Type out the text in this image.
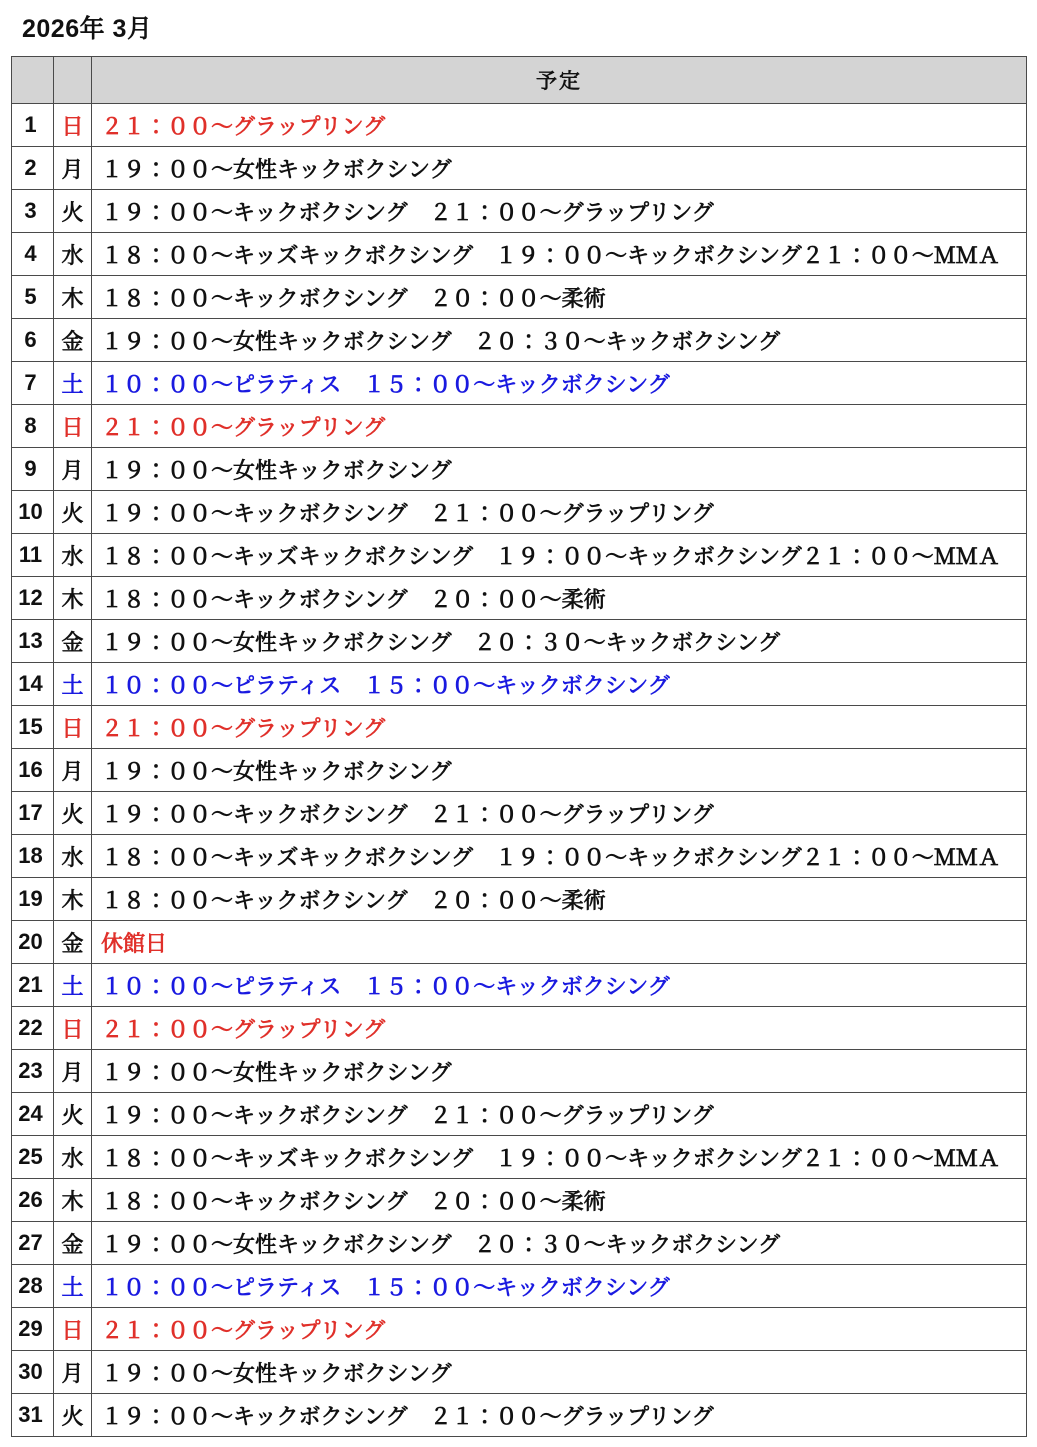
2026年 3月
		予定
1	日	２１：００〜グラップリング
2	月	１９：００〜女性キックボクシング
3	火	１９：００〜キックボクシング　２１：００〜グラップリング
4	水	１８：００〜キッズキックボクシング　１９：００〜キックボクシング２１：００〜ＭＭＡ
5	木	１８：００〜キックボクシング　２０：００〜柔術
6	金	１９：００〜女性キックボクシング　２０：３０〜キックボクシング
7	土	１０：００〜ピラティス　１５：００〜キックボクシング
8	日	２１：００〜グラップリング
9	月	１９：００〜女性キックボクシング
10	火	１９：００〜キックボクシング　２１：００〜グラップリング
11	水	１８：００〜キッズキックボクシング　１９：００〜キックボクシング２１：００〜ＭＭＡ
12	木	１８：００〜キックボクシング　２０：００〜柔術
13	金	１９：００〜女性キックボクシング　２０：３０〜キックボクシング
14	土	１０：００〜ピラティス　１５：００〜キックボクシング
15	日	２１：００〜グラップリング
16	月	１９：００〜女性キックボクシング
17	火	１９：００〜キックボクシング　２１：００〜グラップリング
18	水	１８：００〜キッズキックボクシング　１９：００〜キックボクシング２１：００〜ＭＭＡ
19	木	１８：００〜キックボクシング　２０：００〜柔術
20	金	休館日
21	土	１０：００〜ピラティス　１５：００〜キックボクシング
22	日	２１：００〜グラップリング
23	月	１９：００〜女性キックボクシング
24	火	１９：００〜キックボクシング　２１：００〜グラップリング
25	水	１８：００〜キッズキックボクシング　１９：００〜キックボクシング２１：００〜ＭＭＡ
26	木	１８：００〜キックボクシング　２０：００〜柔術
27	金	１９：００〜女性キックボクシング　２０：３０〜キックボクシング
28	土	１０：００〜ピラティス　１５：００〜キックボクシング
29	日	２１：００〜グラップリング
30	月	１９：００〜女性キックボクシング
31	火	１９：００〜キックボクシング　２１：００〜グラップリング
